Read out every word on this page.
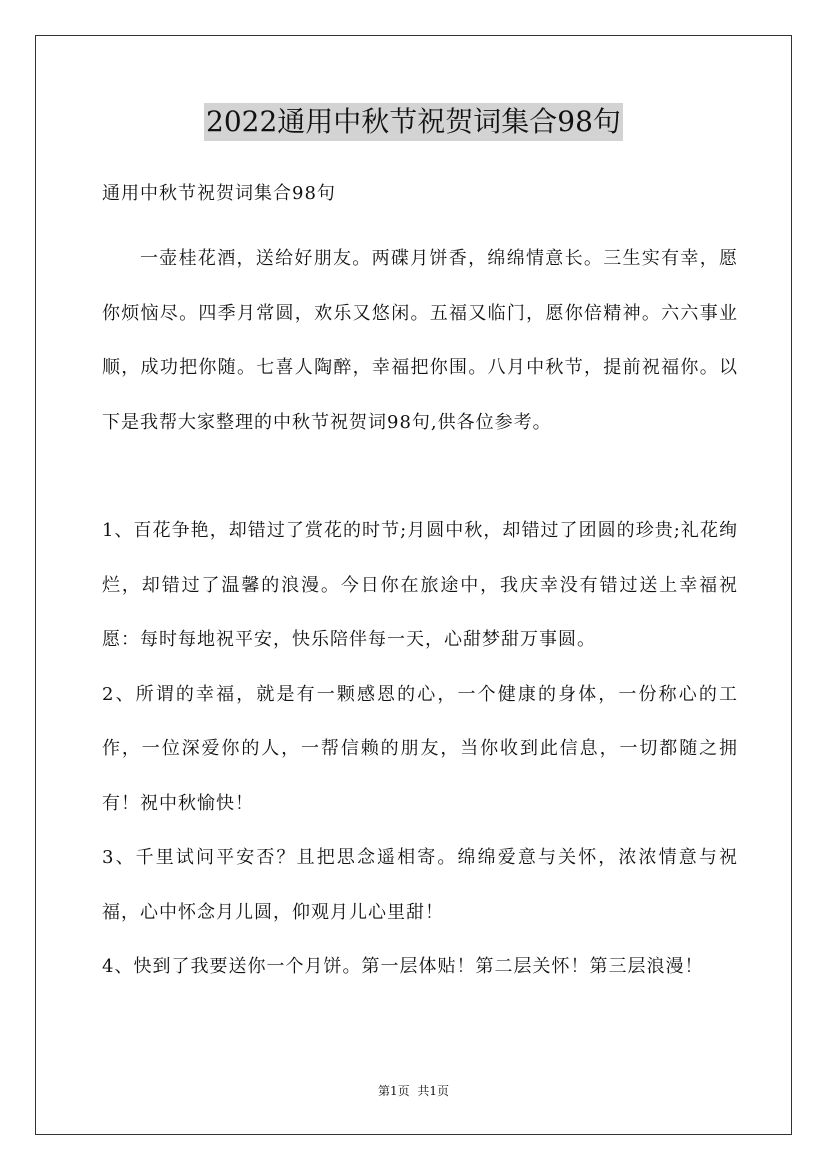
2022通用中秋节祝贺词集合98句

通用中秋节祝贺词集合98句

一壶桂花酒，送给好朋友。两碟月饼香，绵绵情意长。三生实有幸，愿你烦恼尽。四季月常圆，欢乐又悠闲。五福又临门，愿你倍精神。六六事业顺，成功把你随。七喜人陶醉，幸福把你围。八月中秋节，提前祝福你。以下是我帮大家整理的中秋节祝贺词98句,供各位参考。

1、百花争艳，却错过了赏花的时节;月圆中秋，却错过了团圆的珍贵;礼花绚烂，却错过了温馨的浪漫。今日你在旅途中，我庆幸没有错过送上幸福祝愿：每时每地祝平安，快乐陪伴每一天，心甜梦甜万事圆。

2、所谓的幸福，就是有一颗感恩的心，一个健康的身体，一份称心的工作，一位深爱你的人，一帮信赖的朋友，当你收到此信息，一切都随之拥有！祝中秋愉快！

3、千里试问平安否？且把思念遥相寄。绵绵爱意与关怀，浓浓情意与祝福，心中怀念月儿圆，仰观月儿心里甜！

4、快到了我要送你一个月饼。第一层体贴！第二层关怀！第三层浪漫！

第1页 共1页
